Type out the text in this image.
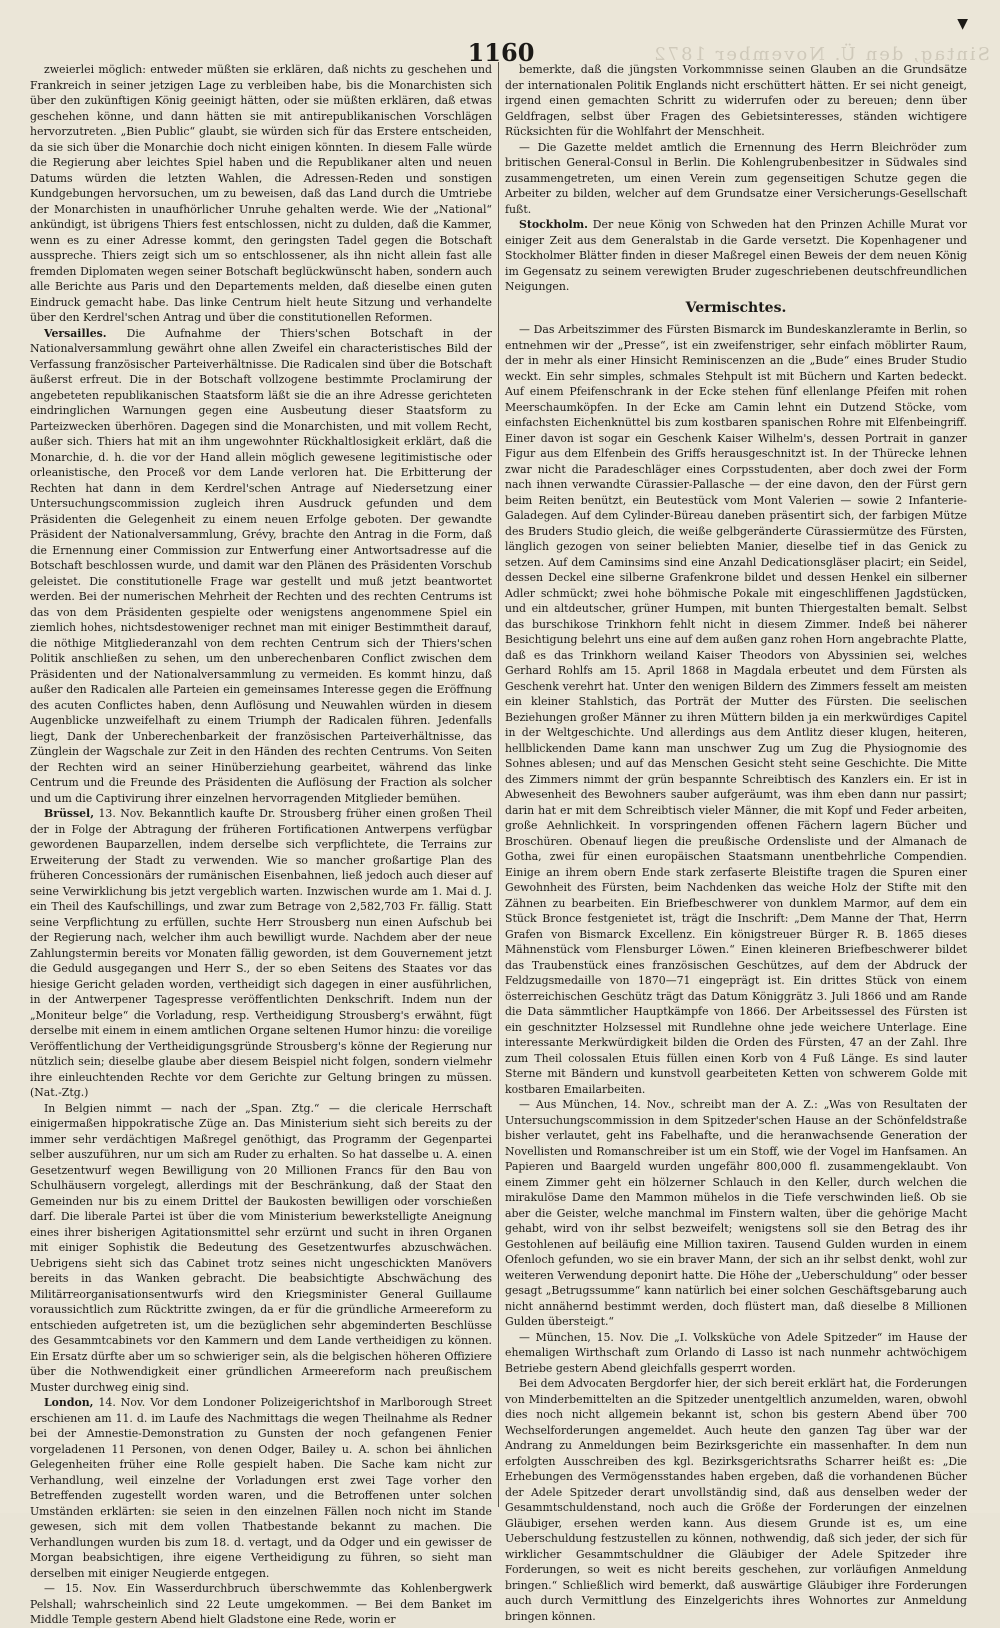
Sintag, den Ü. November 1872
1160
▼

zweierlei möglich: entweder müßten sie erklären, daß nichts zu geschehen und Frankreich in seiner jetzigen Lage zu verbleiben habe, bis die Monarchisten sich über den zukünftigen König geeinigt hätten, oder sie müßten erklären, daß etwas geschehen könne, und dann hätten sie mit antirepublikanischen Vorschlägen hervorzutreten. „Bien Public“ glaubt, sie würden sich für das Erstere entscheiden, da sie sich über die Monarchie doch nicht einigen könnten. In diesem Falle würde die Regierung aber leichtes Spiel haben und die Republikaner alten und neuen Datums würden die letzten Wahlen, die Adressen-Reden und sonstigen Kundgebungen hervorsuchen, um zu beweisen, daß das Land durch die Umtriebe der Monarchisten in unaufhörlicher Unruhe gehalten werde. Wie der „National“ ankündigt, ist übrigens Thiers fest entschlossen, nicht zu dulden, daß die Kammer, wenn es zu einer Adresse kommt, den geringsten Tadel gegen die Botschaft ausspreche. Thiers zeigt sich um so entschlossener, als ihn nicht allein fast alle fremden Diplomaten wegen seiner Botschaft beglückwünscht haben, sondern auch alle Berichte aus Paris und den Departements melden, daß dieselbe einen guten Eindruck gemacht habe. Das linke Centrum hielt heute Sitzung und verhandelte über den Kerdrel'schen Antrag und über die constitutionellen Reformen.

Versailles. Die Aufnahme der Thiers'schen Botschaft in der Nationalversammlung gewährt ohne allen Zweifel ein characteristisches Bild der Verfassung französischer Parteiverhältnisse. Die Radicalen sind über die Botschaft äußerst erfreut. Die in der Botschaft vollzogene bestimmte Proclamirung der angebeteten republikanischen Staatsform läßt sie die an ihre Adresse gerichteten eindringlichen Warnungen gegen eine Ausbeutung dieser Staatsform zu Parteizwecken überhören. Dagegen sind die Monarchisten, und mit vollem Recht, außer sich. Thiers hat mit an ihm ungewohnter Rückhaltlosigkeit erklärt, daß die Monarchie, d. h. die vor der Hand allein möglich gewesene legitimistische oder orleanistische, den Proceß vor dem Lande verloren hat. Die Erbitterung der Rechten hat dann in dem Kerdrel'schen Antrage auf Niedersetzung einer Untersuchungscommission zugleich ihren Ausdruck gefunden und dem Präsidenten die Gelegenheit zu einem neuen Erfolge geboten. Der gewandte Präsident der Nationalversammlung, Grévy, brachte den Antrag in die Form, daß die Ernennung einer Commission zur Entwerfung einer Antwortsadresse auf die Botschaft beschlossen wurde, und damit war den Plänen des Präsidenten Vorschub geleistet. Die constitutionelle Frage war gestellt und muß jetzt beantwortet werden. Bei der numerischen Mehrheit der Rechten und des rechten Centrums ist das von dem Präsidenten gespielte oder wenigstens angenommene Spiel ein ziemlich hohes, nichtsdestoweniger rechnet man mit einiger Bestimmtheit darauf, die nöthige Mitgliederanzahl von dem rechten Centrum sich der Thiers'schen Politik anschließen zu sehen, um den unberechenbaren Conflict zwischen dem Präsidenten und der Nationalversammlung zu vermeiden. Es kommt hinzu, daß außer den Radicalen alle Parteien ein gemeinsames Interesse gegen die Eröffnung des acuten Conflictes haben, denn Auflösung und Neuwahlen würden in diesem Augenblicke unzweifelhaft zu einem Triumph der Radicalen führen. Jedenfalls liegt, Dank der Unberechenbarkeit der französischen Parteiverhältnisse, das Zünglein der Wagschale zur Zeit in den Händen des rechten Centrums. Von Seiten der Rechten wird an seiner Hinüberziehung gearbeitet, während das linke Centrum und die Freunde des Präsidenten die Auflösung der Fraction als solcher und um die Captivirung ihrer einzelnen hervorragenden Mitglieder bemühen.

Brüssel, 13. Nov. Bekanntlich kaufte Dr. Strousberg früher einen großen Theil der in Folge der Abtragung der früheren Fortificationen Antwerpens verfügbar gewordenen Bauparzellen, indem derselbe sich verpflichtete, die Terrains zur Erweiterung der Stadt zu verwenden. Wie so mancher großartige Plan des früheren Concessionärs der rumänischen Eisenbahnen, ließ jedoch auch dieser auf seine Verwirklichung bis jetzt vergeblich warten. Inzwischen wurde am 1. Mai d. J. ein Theil des Kaufschillings, und zwar zum Betrage von 2,582,703 Fr. fällig. Statt seine Verpflichtung zu erfüllen, suchte Herr Strousberg nun einen Aufschub bei der Regierung nach, welcher ihm auch bewilligt wurde. Nachdem aber der neue Zahlungstermin bereits vor Monaten fällig geworden, ist dem Gouvernement jetzt die Geduld ausgegangen und Herr S., der so eben Seitens des Staates vor das hiesige Gericht geladen worden, vertheidigt sich dagegen in einer ausführlichen, in der Antwerpener Tagespresse veröffentlichten Denkschrift. Indem nun der „Moniteur belge“ die Vorladung, resp. Vertheidigung Strousberg's erwähnt, fügt derselbe mit einem in einem amtlichen Organe seltenen Humor hinzu: die voreilige Veröffentlichung der Vertheidigungsgründe Strousberg's könne der Regierung nur nützlich sein; dieselbe glaube aber diesem Beispiel nicht folgen, sondern vielmehr ihre einleuchtenden Rechte vor dem Gerichte zur Geltung bringen zu müssen. (Nat.-Ztg.)

In Belgien nimmt — nach der „Span. Ztg.“ — die clericale Herrschaft einigermaßen hippokratische Züge an. Das Ministerium sieht sich bereits zu der immer sehr verdächtigen Maßregel genöthigt, das Programm der Gegenpartei selber auszuführen, nur um sich am Ruder zu erhalten. So hat dasselbe u. A. einen Gesetzentwurf wegen Bewilligung von 20 Millionen Francs für den Bau von Schulhäusern vorgelegt, allerdings mit der Beschränkung, daß der Staat den Gemeinden nur bis zu einem Drittel der Baukosten bewilligen oder vorschießen darf. Die liberale Partei ist über die vom Ministerium bewerkstelligte Aneignung eines ihrer bisherigen Agitationsmittel sehr erzürnt und sucht in ihren Organen mit einiger Sophistik die Bedeutung des Gesetzentwurfes abzuschwächen. Uebrigens sieht sich das Cabinet trotz seines nicht ungeschickten Manövers bereits in das Wanken gebracht. Die beabsichtigte Abschwächung des Militärreorganisationsentwurfs wird den Kriegsminister General Guillaume voraussichtlich zum Rücktritte zwingen, da er für die gründliche Armeereform zu entschieden aufgetreten ist, um die bezüglichen sehr abgeminderten Beschlüsse des Gesammtcabinets vor den Kammern und dem Lande vertheidigen zu können. Ein Ersatz dürfte aber um so schwieriger sein, als die belgischen höheren Offiziere über die Nothwendigkeit einer gründlichen Armeereform nach preußischem Muster durchweg einig sind.

London, 14. Nov. Vor dem Londoner Polizeigerichtshof in Marlborough Street erschienen am 11. d. im Laufe des Nachmittags die wegen Theilnahme als Redner bei der Amnestie-Demonstration zu Gunsten der noch gefangenen Fenier vorgeladenen 11 Personen, von denen Odger, Bailey u. A. schon bei ähnlichen Gelegenheiten früher eine Rolle gespielt haben. Die Sache kam nicht zur Verhandlung, weil einzelne der Vorladungen erst zwei Tage vorher den Betreffenden zugestellt worden waren, und die Betroffenen unter solchen Umständen erklärten: sie seien in den einzelnen Fällen noch nicht im Stande gewesen, sich mit dem vollen Thatbestande bekannt zu machen. Die Verhandlungen wurden bis zum 18. d. vertagt, und da Odger und ein gewisser de Morgan beabsichtigen, ihre eigene Vertheidigung zu führen, so sieht man derselben mit einiger Neugierde entgegen.

— 15. Nov. Ein Wasserdurchbruch überschwemmte das Kohlenbergwerk Pelshall; wahrscheinlich sind 22 Leute umgekommen. — Bei dem Banket im Middle Temple gestern Abend hielt Gladstone eine Rede, worin er

bemerkte, daß die jüngsten Vorkommnisse seinen Glauben an die Grundsätze der internationalen Politik Englands nicht erschüttert hätten. Er sei nicht geneigt, irgend einen gemachten Schritt zu widerrufen oder zu bereuen; denn über Geldfragen, selbst über Fragen des Gebietsinteresses, ständen wichtigere Rücksichten für die Wohlfahrt der Menschheit.

— Die Gazette meldet amtlich die Ernennung des Herrn Bleichröder zum britischen General-Consul in Berlin. Die Kohlengrubenbesitzer in Südwales sind zusammengetreten, um einen Verein zum gegenseitigen Schutze gegen die Arbeiter zu bilden, welcher auf dem Grundsatze einer Versicherungs-Gesellschaft fußt.

Stockholm. Der neue König von Schweden hat den Prinzen Achille Murat vor einiger Zeit aus dem Generalstab in die Garde versetzt. Die Kopenhagener und Stockholmer Blätter finden in dieser Maßregel einen Beweis der dem neuen König im Gegensatz zu seinem verewigten Bruder zugeschriebenen deutschfreundlichen Neigungen.

Vermischtes.

— Das Arbeitszimmer des Fürsten Bismarck im Bundeskanzleramte in Berlin, so entnehmen wir der „Presse“, ist ein zweifenstriger, sehr einfach möblirter Raum, der in mehr als einer Hinsicht Reminiscenzen an die „Bude“ eines Bruder Studio weckt. Ein sehr simples, schmales Stehpult ist mit Büchern und Karten bedeckt. Auf einem Pfeifenschrank in der Ecke stehen fünf ellenlange Pfeifen mit rohen Meerschaumköpfen. In der Ecke am Camin lehnt ein Dutzend Stöcke, vom einfachsten Eichenknüttel bis zum kostbaren spanischen Rohre mit Elfenbeingriff. Einer davon ist sogar ein Geschenk Kaiser Wilhelm's, dessen Portrait in ganzer Figur aus dem Elfenbein des Griffs herausgeschnitzt ist. In der Thürecke lehnen zwar nicht die Paradeschläger eines Corpsstudenten, aber doch zwei der Form nach ihnen verwandte Cürassier-Pallasche — der eine davon, den der Fürst gern beim Reiten benützt, ein Beutestück vom Mont Valerien — sowie 2 Infanterie-Galadegen. Auf dem Cylinder-Büreau daneben präsentirt sich, der farbigen Mütze des Bruders Studio gleich, die weiße gelbgeränderte Cürassiermütze des Fürsten, länglich gezogen von seiner beliebten Manier, dieselbe tief in das Genick zu setzen. Auf dem Caminsims sind eine Anzahl Dedicationsgläser placirt; ein Seidel, dessen Deckel eine silberne Grafenkrone bildet und dessen Henkel ein silberner Adler schmückt; zwei hohe böhmische Pokale mit eingeschliffenen Jagdstücken, und ein altdeutscher, grüner Humpen, mit bunten Thiergestalten bemalt. Selbst das burschikose Trinkhorn fehlt nicht in diesem Zimmer. Indeß bei näherer Besichtigung belehrt uns eine auf dem außen ganz rohen Horn angebrachte Platte, daß es das Trinkhorn weiland Kaiser Theodors von Abyssinien sei, welches Gerhard Rohlfs am 15. April 1868 in Magdala erbeutet und dem Fürsten als Geschenk verehrt hat. Unter den wenigen Bildern des Zimmers fesselt am meisten ein kleiner Stahlstich, das Porträt der Mutter des Fürsten. Die seelischen Beziehungen großer Männer zu ihren Müttern bilden ja ein merkwürdiges Capitel in der Weltgeschichte. Und allerdings aus dem Antlitz dieser klugen, heiteren, hellblickenden Dame kann man unschwer Zug um Zug die Physiognomie des Sohnes ablesen; und auf das Menschen Gesicht steht seine Geschichte. Die Mitte des Zimmers nimmt der grün bespannte Schreibtisch des Kanzlers ein. Er ist in Abwesenheit des Bewohners sauber aufgeräumt, was ihm eben dann nur passirt; darin hat er mit dem Schreibtisch vieler Männer, die mit Kopf und Feder arbeiten, große Aehnlichkeit. In vorspringenden offenen Fächern lagern Bücher und Broschüren. Obenauf liegen die preußische Ordensliste und der Almanach de Gotha, zwei für einen europäischen Staatsmann unentbehrliche Compendien. Einige an ihrem obern Ende stark zerfaserte Bleistifte tragen die Spuren einer Gewohnheit des Fürsten, beim Nachdenken das weiche Holz der Stifte mit den Zähnen zu bearbeiten. Ein Briefbeschwerer von dunklem Marmor, auf dem ein Stück Bronce festgenietet ist, trägt die Inschrift: „Dem Manne der That, Herrn Grafen von Bismarck Excellenz. Ein königstreuer Bürger R. B. 1865 dieses Mähnenstück vom Flensburger Löwen.“ Einen kleineren Briefbeschwerer bildet das Traubenstück eines französischen Geschützes, auf dem der Abdruck der Feldzugsmedaille von 1870—71 eingeprägt ist. Ein drittes Stück von einem österreichischen Geschütz trägt das Datum Königgrätz 3. Juli 1866 und am Rande die Data sämmtlicher Hauptkämpfe von 1866. Der Arbeitssessel des Fürsten ist ein geschnitzter Holzsessel mit Rundlehne ohne jede weichere Unterlage. Eine interessante Merkwürdigkeit bilden die Orden des Fürsten, 47 an der Zahl. Ihre zum Theil colossalen Etuis füllen einen Korb von 4 Fuß Länge. Es sind lauter Sterne mit Bändern und kunstvoll gearbeiteten Ketten von schwerem Golde mit kostbaren Emailarbeiten.

— Aus München, 14. Nov., schreibt man der A. Z.: „Was von Resultaten der Untersuchungscommission in dem Spitzeder'schen Hause an der Schönfeldstraße bisher verlautet, geht ins Fabelhafte, und die heranwachsende Generation der Novellisten und Romanschreiber ist um ein Stoff, wie der Vogel im Hanfsamen. An Papieren und Baargeld wurden ungefähr 800,000 fl. zusammengeklaubt. Von einem Zimmer geht ein hölzerner Schlauch in den Keller, durch welchen die mirakulöse Dame den Mammon mühelos in die Tiefe verschwinden ließ. Ob sie aber die Geister, welche manchmal im Finstern walten, über die gehörige Macht gehabt, wird von ihr selbst bezweifelt; wenigstens soll sie den Betrag des ihr Gestohlenen auf beiläufig eine Million taxiren. Tausend Gulden wurden in einem Ofenloch gefunden, wo sie ein braver Mann, der sich an ihr selbst denkt, wohl zur weiteren Verwendung deponirt hatte. Die Höhe der „Ueberschuldung“ oder besser gesagt „Betrugssumme“ kann natürlich bei einer solchen Geschäftsgebarung auch nicht annähernd bestimmt werden, doch flüstert man, daß dieselbe 8 Millionen Gulden übersteigt.“

— München, 15. Nov. Die „I. Volksküche von Adele Spitzeder“ im Hause der ehemaligen Wirthschaft zum Orlando di Lasso ist nach nunmehr achtwöchigem Betriebe gestern Abend gleichfalls gesperrt worden.

Bei dem Advocaten Bergdorfer hier, der sich bereit erklärt hat, die Forderungen von Minderbemittelten an die Spitzeder unentgeltlich anzumelden, waren, obwohl dies noch nicht allgemein bekannt ist, schon bis gestern Abend über 700 Wechselforderungen angemeldet. Auch heute den ganzen Tag über war der Andrang zu Anmeldungen beim Bezirksgerichte ein massenhafter. In dem nun erfolgten Ausschreiben des kgl. Bezirksgerichtsraths Scharrer heißt es: „Die Erhebungen des Vermögensstandes haben ergeben, daß die vorhandenen Bücher der Adele Spitzeder derart unvollständig sind, daß aus denselben weder der Gesammtschuldenstand, noch auch die Größe der Forderungen der einzelnen Gläubiger, ersehen werden kann. Aus diesem Grunde ist es, um eine Ueberschuldung festzustellen zu können, nothwendig, daß sich jeder, der sich für wirklicher Gesammtschuldner die Gläubiger der Adele Spitzeder ihre Forderungen, so weit es nicht bereits geschehen, zur vorläufigen Anmeldung bringen.“ Schließlich wird bemerkt, daß auswärtige Gläubiger ihre Forderungen auch durch Vermittlung des Einzelgerichts ihres Wohnortes zur Anmeldung bringen können.
